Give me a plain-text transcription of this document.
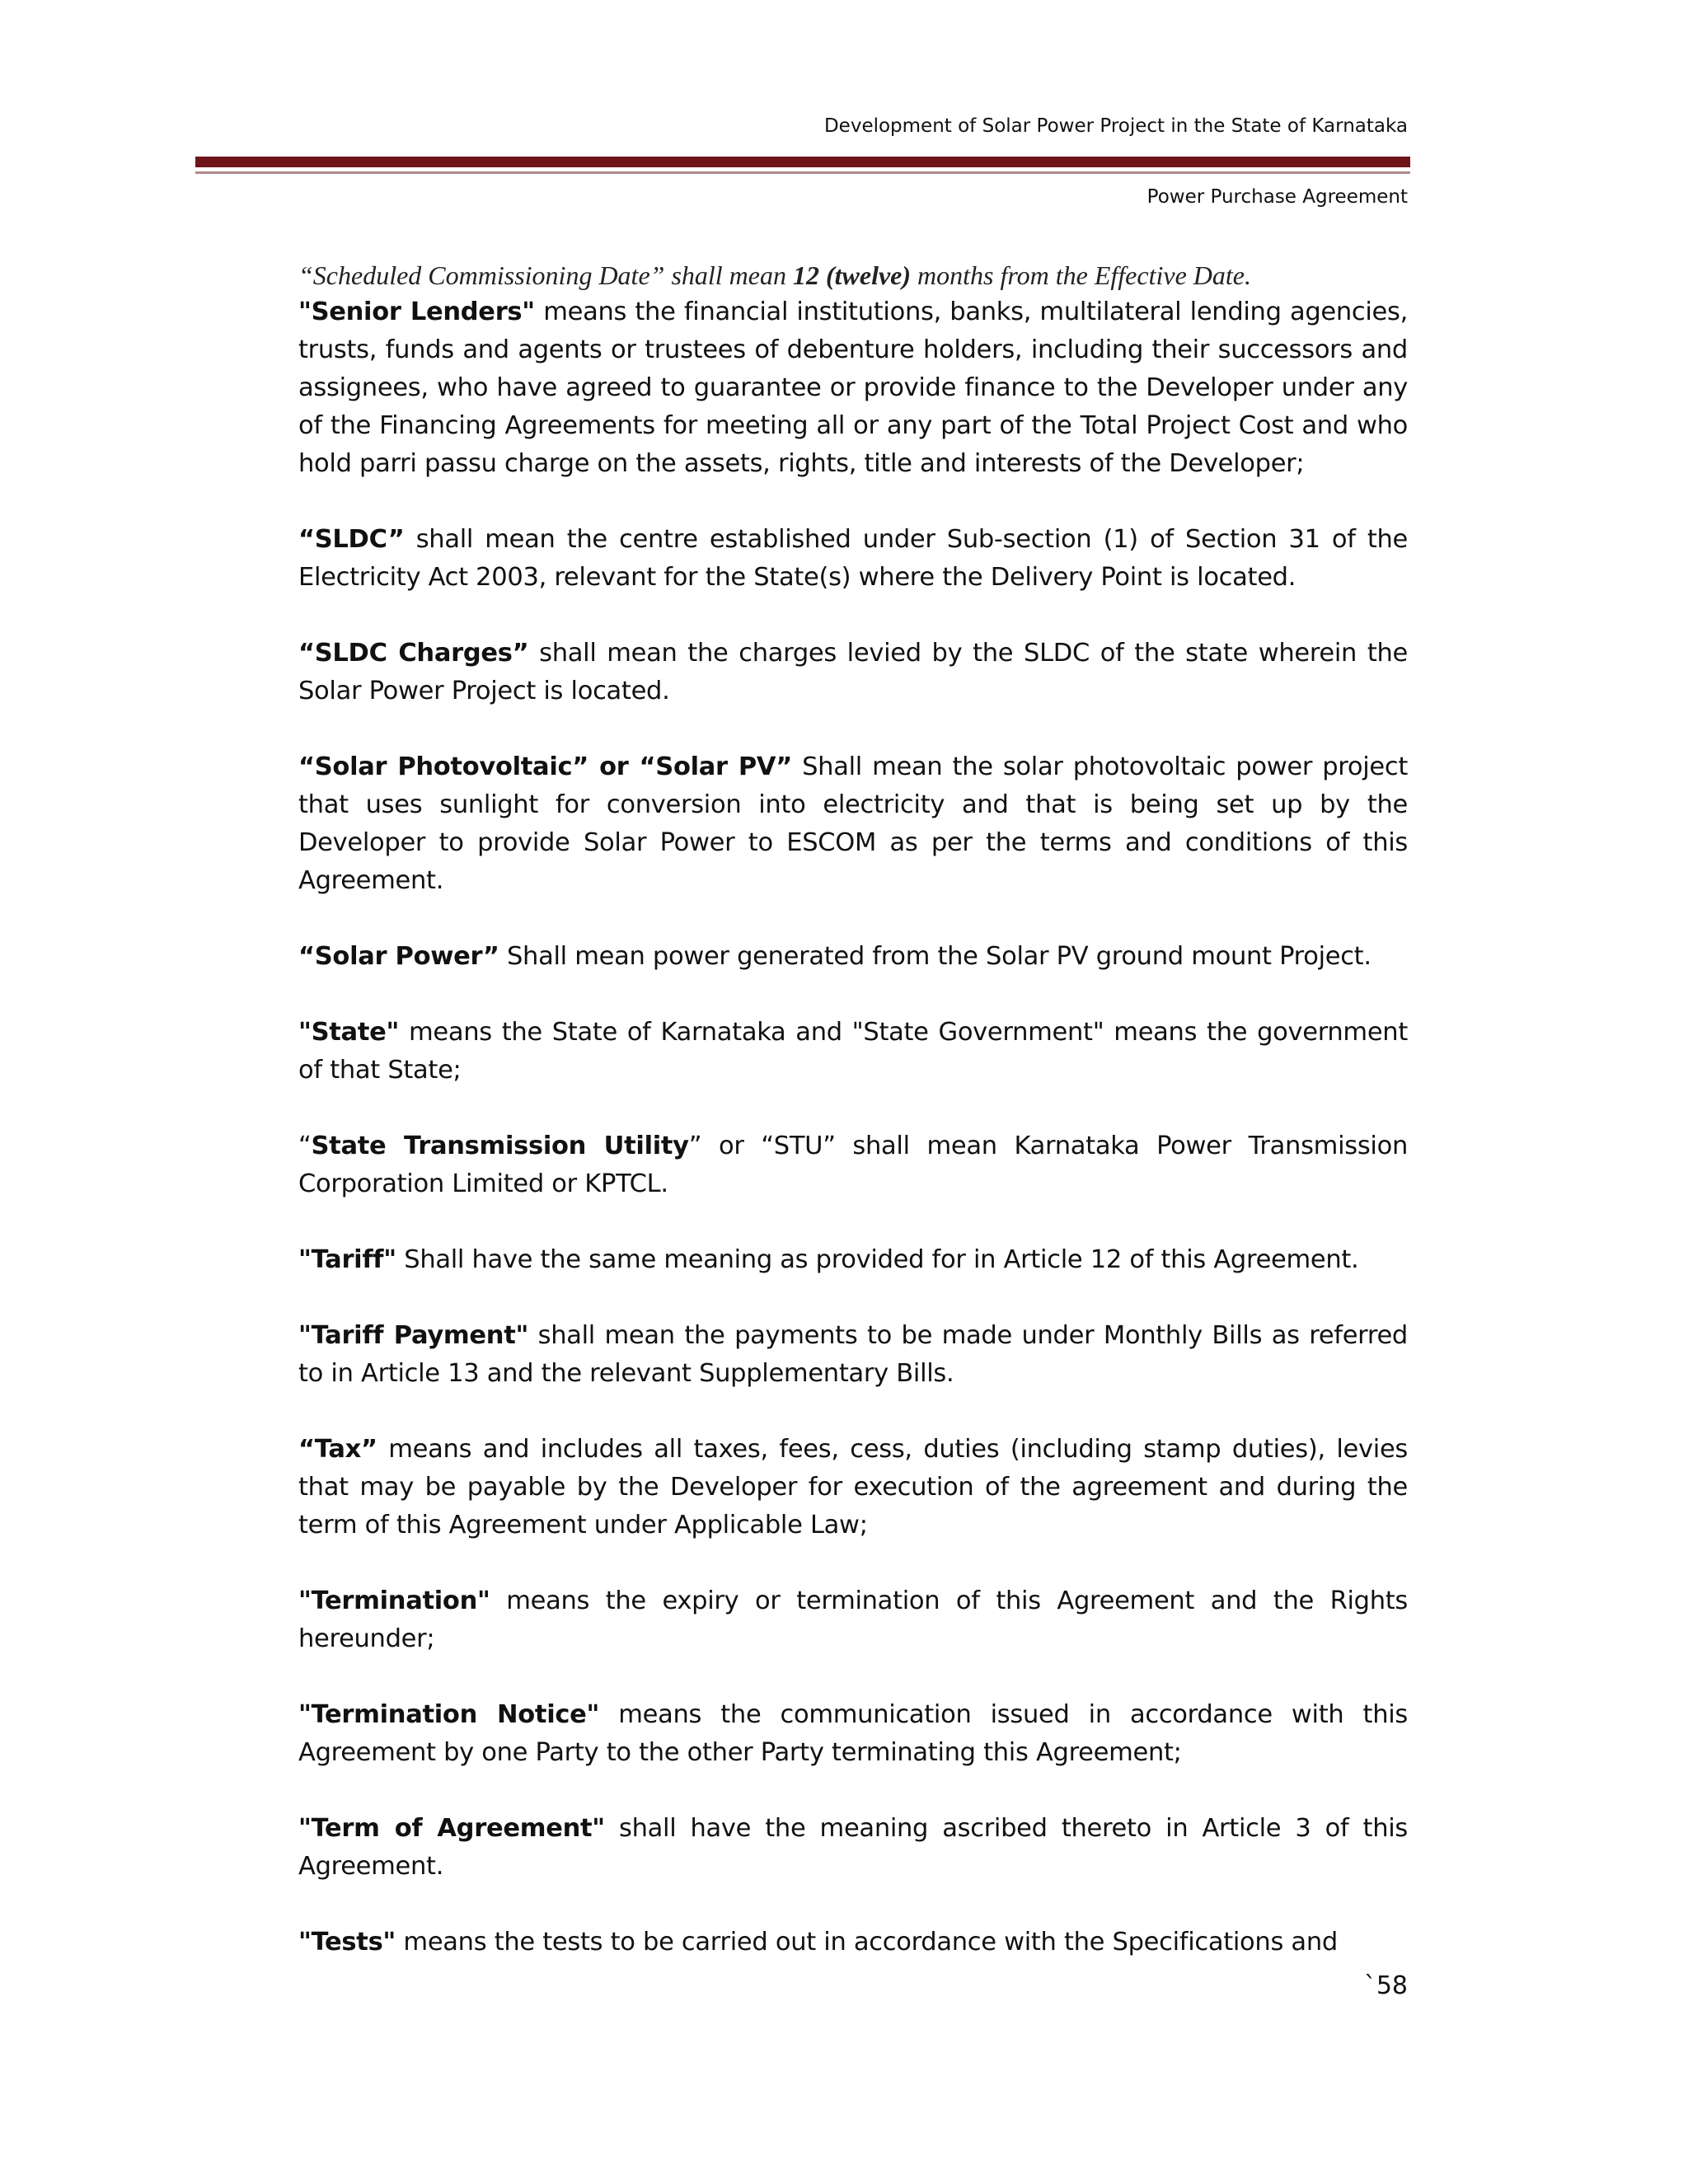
Development of Solar Power Project in the State of Karnataka
Power Purchase Agreement

“Scheduled Commissioning Date” shall mean 12 (twelve) months from the Effective Date.

"Senior Lenders" means the financial institutions, banks, multilateral lending agencies, trusts, funds and agents or trustees of debenture holders, including their successors and assignees, who have agreed to guarantee or provide finance to the Developer under any of the Financing Agreements for meeting all or any part of the Total Project Cost and who hold parri passu charge on the assets, rights, title and interests of the Developer;

“SLDC” shall mean the centre established under Sub-section (1) of Section 31 of the Electricity Act 2003, relevant for the State(s) where the Delivery Point is located.

“SLDC Charges” shall mean the charges levied by the SLDC of the state wherein the Solar Power Project is located.

“Solar Photovoltaic” or “Solar PV” Shall mean the solar photovoltaic power project that uses sunlight for conversion into electricity and that is being set up by the Developer to provide Solar Power to ESCOM as per the terms and conditions of this Agreement.

“Solar Power” Shall mean power generated from the Solar PV ground mount Project.

"State" means the State of Karnataka and "State Government" means the government of that State;

“State Transmission Utility” or “STU” shall mean Karnataka Power Transmission Corporation Limited or KPTCL.

"Tariff" Shall have the same meaning as provided for in Article 12 of this Agreement.

"Tariff Payment" shall mean the payments to be made under Monthly Bills as referred to in Article 13 and the relevant Supplementary Bills.

“Tax” means and includes all taxes, fees, cess, duties (including stamp duties), levies that may be payable by the Developer for execution of the agreement and during the term of this Agreement under Applicable Law;

"Termination" means the expiry or termination of this Agreement and the Rights hereunder;

"Termination Notice" means the communication issued in accordance with this Agreement by one Party to the other Party terminating this Agreement;

"Term of Agreement" shall have the meaning ascribed thereto in Article 3 of this Agreement.

"Tests" means the tests to be carried out in accordance with the Specifications and

`58
